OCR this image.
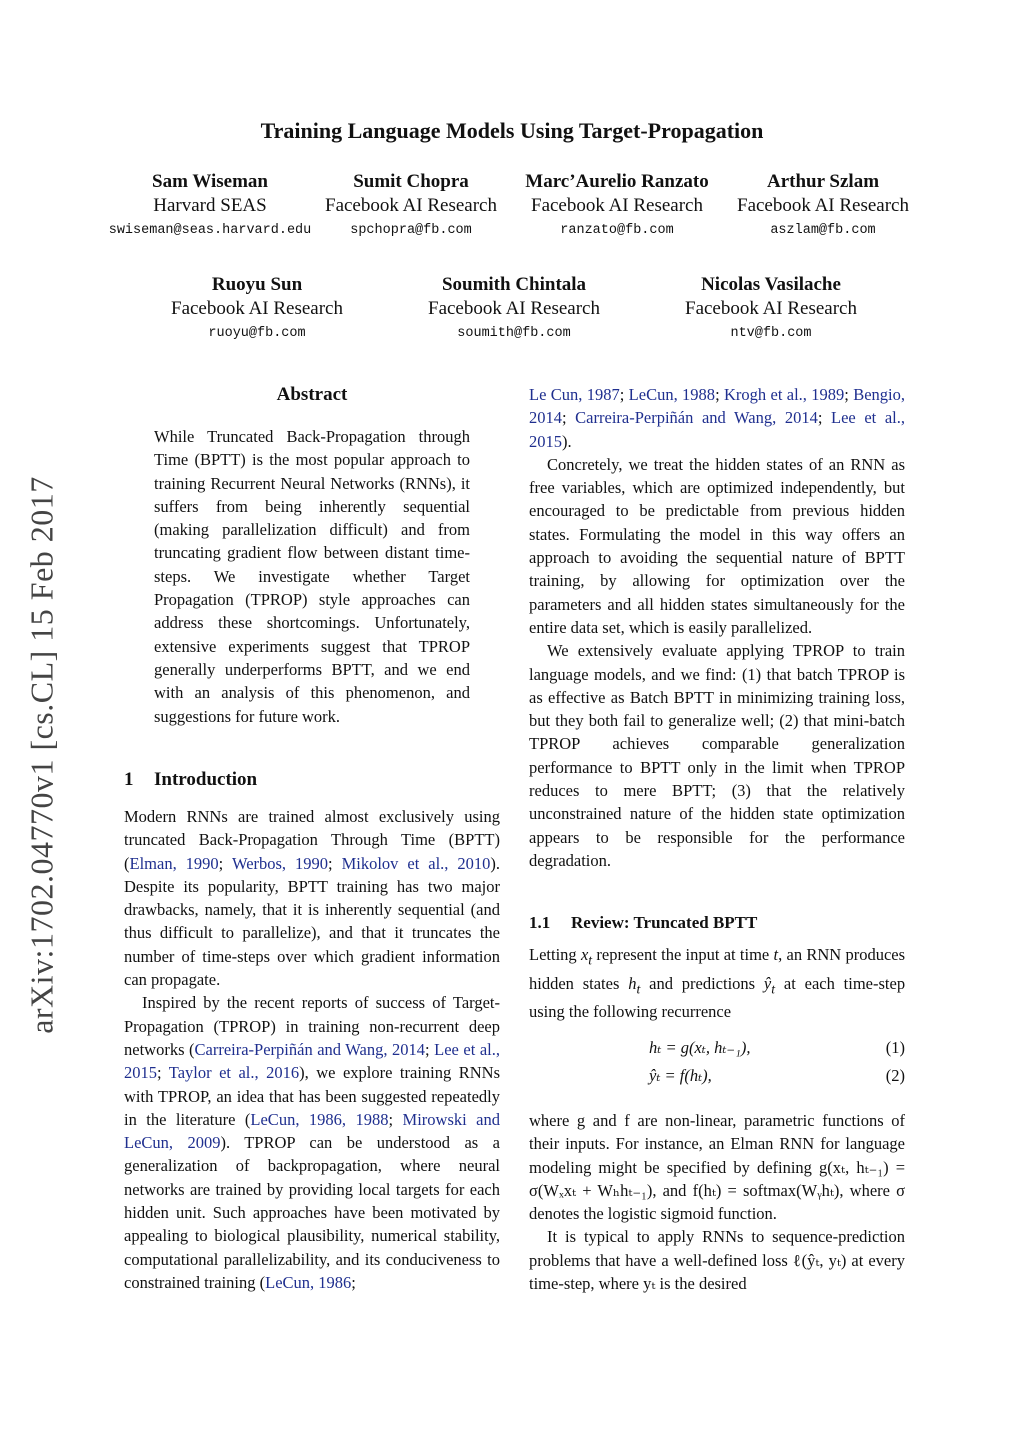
arXiv:1702.04770v1 [cs.CL] 15 Feb 2017
Training Language Models Using Target-Propagation
Sam Wiseman
Harvard SEAS
swiseman@seas.harvard.edu
Sumit Chopra
Facebook AI Research
spchopra@fb.com
Marc’Aurelio Ranzato
Facebook AI Research
ranzato@fb.com
Arthur Szlam
Facebook AI Research
aszlam@fb.com
Ruoyu Sun
Facebook AI Research
ruoyu@fb.com
Soumith Chintala
Facebook AI Research
soumith@fb.com
Nicolas Vasilache
Facebook AI Research
ntv@fb.com
Abstract
While Truncated Back-Propagation through Time (BPTT) is the most popular approach to training Recurrent Neural Networks (RNNs), it suffers from being inherently sequential (making parallelization difficult) and from truncating gradient flow between distant time-steps. We investigate whether Target Propagation (TPROP) style approaches can address these shortcomings. Unfortunately, extensive experiments suggest that TPROP generally underperforms BPTT, and we end with an analysis of this phenomenon, and suggestions for future work.
1 Introduction

Modern RNNs are trained almost exclusively using truncated Back-Propagation Through Time (BPTT) (Elman, 1990; Werbos, 1990; Mikolov et al., 2010). Despite its popularity, BPTT training has two major drawbacks, namely, that it is inherently sequential (and thus difficult to parallelize), and that it truncates the number of time-steps over which gradient information can propagate.

Inspired by the recent reports of success of Target-Propagation (TPROP) in training non-recurrent deep networks (Carreira-Perpiñán and Wang, 2014; Lee et al., 2015; Taylor et al., 2016), we explore training RNNs with TPROP, an idea that has been suggested repeatedly in the literature (LeCun, 1986, 1988; Mirowski and LeCun, 2009). TPROP can be understood as a generalization of backpropagation, where neural networks are trained by providing local targets for each hidden unit. Such approaches have been motivated by appealing to biological plausibility, numerical stability, computational parallelizability, and its conduciveness to constrained training (LeCun, 1986;

Le Cun, 1987; LeCun, 1988; Krogh et al., 1989; Bengio, 2014; Carreira-Perpiñán and Wang, 2014; Lee et al., 2015).

Concretely, we treat the hidden states of an RNN as free variables, which are optimized independently, but encouraged to be predictable from previous hidden states. Formulating the model in this way offers an approach to avoiding the sequential nature of BPTT training, by allowing for optimization over the parameters and all hidden states simultaneously for the entire data set, which is easily parallelized.

We extensively evaluate applying TPROP to train language models, and we find: (1) that batch TPROP is as effective as Batch BPTT in minimizing training loss, but they both fail to generalize well; (2) that mini-batch TPROP achieves comparable generalization performance to BPTT only in the limit when TPROP reduces to mere BPTT; (3) that the relatively unconstrained nature of the hidden state optimization appears to be responsible for the performance degradation.

1.1 Review: Truncated BPTT

Letting $x_t$ represent the input at time t, an RNN produces hidden states $h_t$ and predictions $ŷ_t$ at each time-step using the following recurrence

hₜ = g(xₜ, hₜ₋₁),	(1)
ŷₜ = f(hₜ),	(2)

where g and f are non-linear, parametric functions of their inputs. For instance, an Elman RNN for language modeling might be specified by defining g(xₜ, hₜ₋₁) = σ(Wₓxₜ + Wₕhₜ₋₁), and f(hₜ) = softmax(Wᵧhₜ), where σ denotes the logistic sigmoid function.

It is typical to apply RNNs to sequence-prediction problems that have a well-defined loss ℓ(ŷₜ, yₜ) at every time-step, where yₜ is the desired
